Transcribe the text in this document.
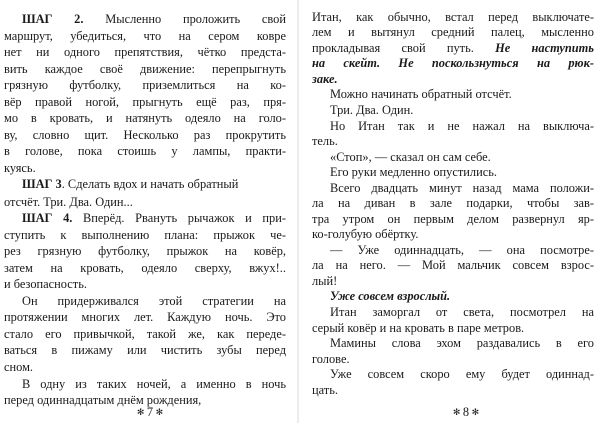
ШАГ 2. Мысленно проложить свой
маршрут, убедиться, что на сером ковре
нет ни одного препятствия, чётко предста-
вить каждое своё движение: перепрыгнуть
грязную футболку, приземлиться на ко-
вёр правой ногой, прыгнуть ещё раз, пря-
мо в кровать, и натянуть одеяло на голо-
ву, словно щит. Несколько раз прокрутить
в голове, пока стоишь у лампы, практи-
куясь.
ШАГ 3. Сделать вдох и начать обратный
отсчёт. Три. Два. Один...
ШАГ 4. Вперёд. Рвануть рычажок и при-
ступить к выполнению плана: прыжок че-
рез грязную футболку, прыжок на ковёр,
затем на кровать, одеяло сверху, вжух!..
и безопасность.
Он придерживался этой стратегии на
протяжении многих лет. Каждую ночь. Это
стало его привычкой, такой же, как переде-
ваться в пижаму или чистить зубы перед
сном.
В одну из таких ночей, а именно в ночь
перед одиннадцатым днём рождения,
Итан, как обычно, встал перед выключате-
лем и вытянул средний палец, мысленно
прокладывая свой путь. Не наступить
на скейт. Не поскользнуться на рюк-
заке.
Можно начинать обратный отсчёт.
Три. Два. Один.
Но Итан так и не нажал на выключа-
тель.
«Стоп», — сказал он сам себе.
Его руки медленно опустились.
Всего двадцать минут назад мама положи-
ла на диван в зале подарки, чтобы зав-
тра утром он первым делом развернул яр-
ко-голубую обёртку.
— Уже одиннадцать, — она посмотре-
ла на него. — Мой мальчик совсем взрос-
лый!
Уже совсем взрослый.
Итан заморгал от света, посмотрел на
серый ковёр и на кровать в паре метров.
Мамины слова эхом раздавались в его
голове.
Уже совсем скоро ему будет одиннад-
цать.
✻  7  ✻	✻  8  ✻
